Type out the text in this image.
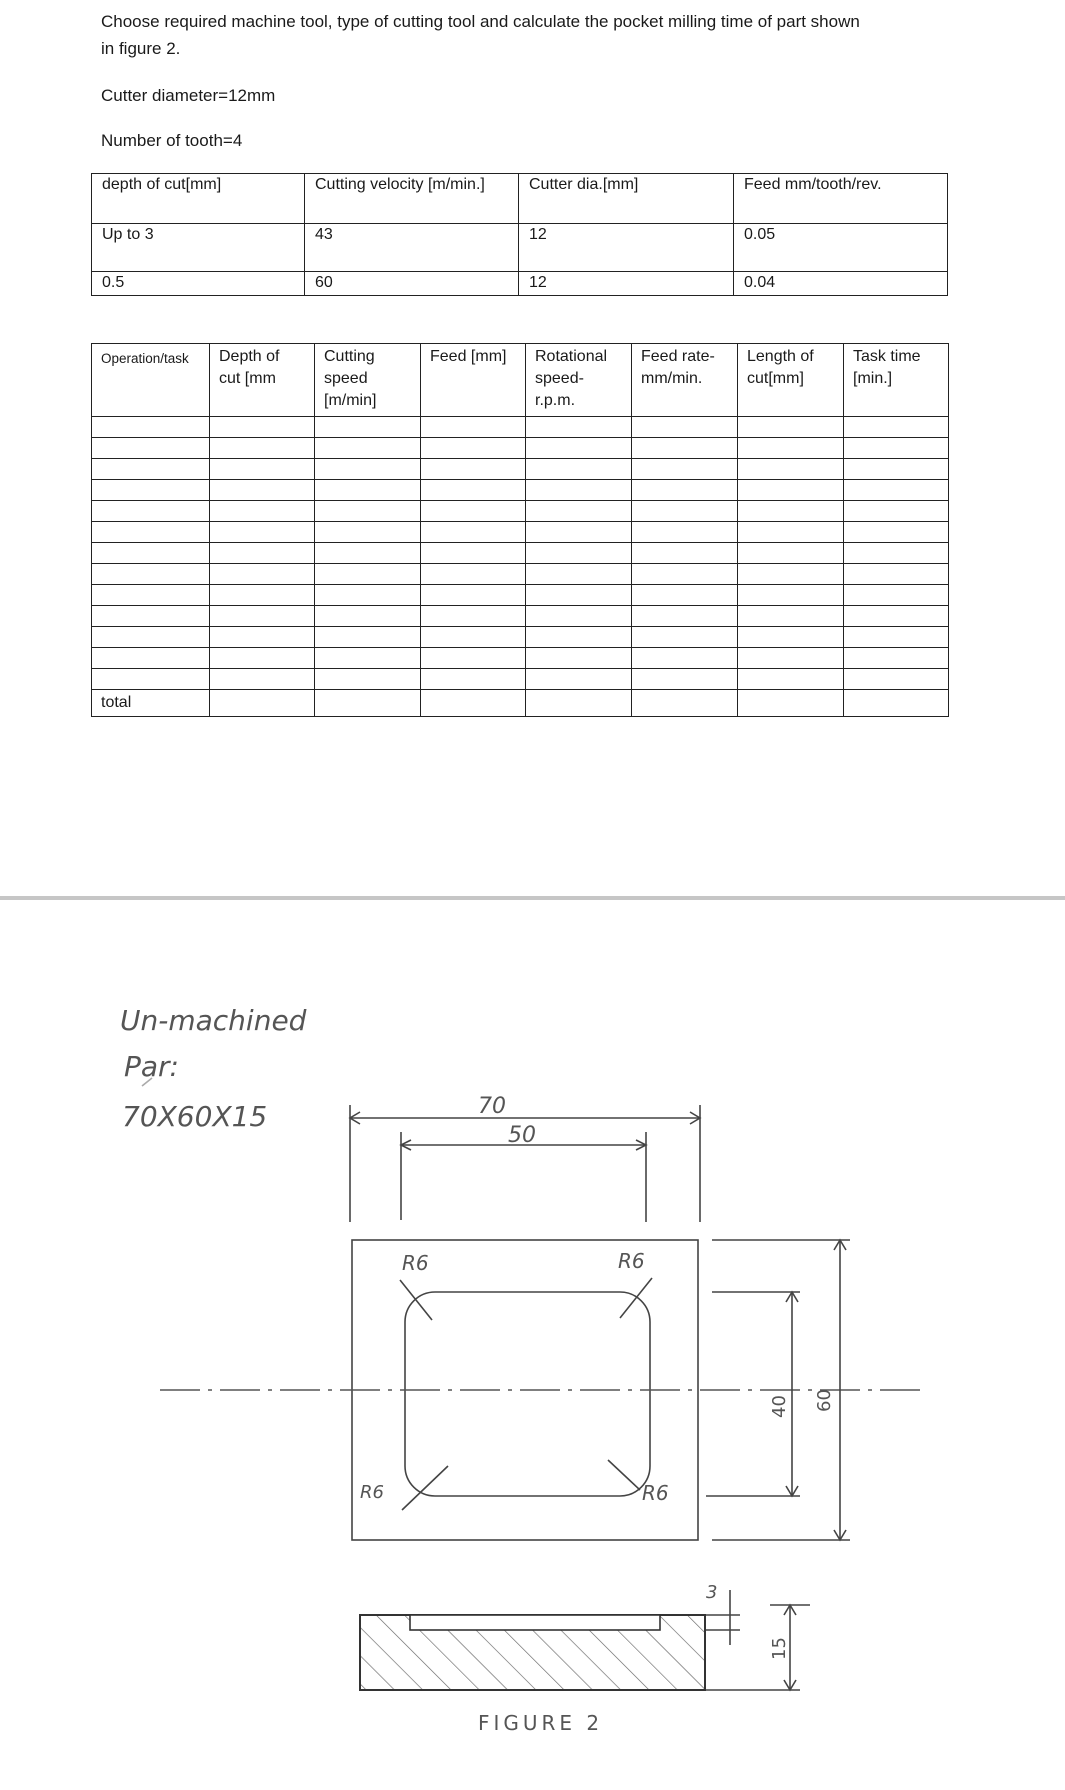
Choose required machine tool, type of cutting tool and calculate the pocket milling time of part shown
in figure 2.
Cutter diameter=12mm
Number of tooth=4
depth of cut[mm]	Cutting velocity [m/min.]	Cutter dia.[mm]	Feed mm/tooth/rev.
Up to 3	43	12	0.05
0.5	60	12	0.04
Operation/task	Depth of cut [mm	Cutting speed [m/min]	Feed [mm]	Rotational speed- r.p.m.	Feed rate- mm/min.	Length of cut[mm]	Task time [min.]

total							
Un-machined
Par:
70X60X15	70
50
R6	R6
R6	R6
40 60
15
3
FIGURE 2
